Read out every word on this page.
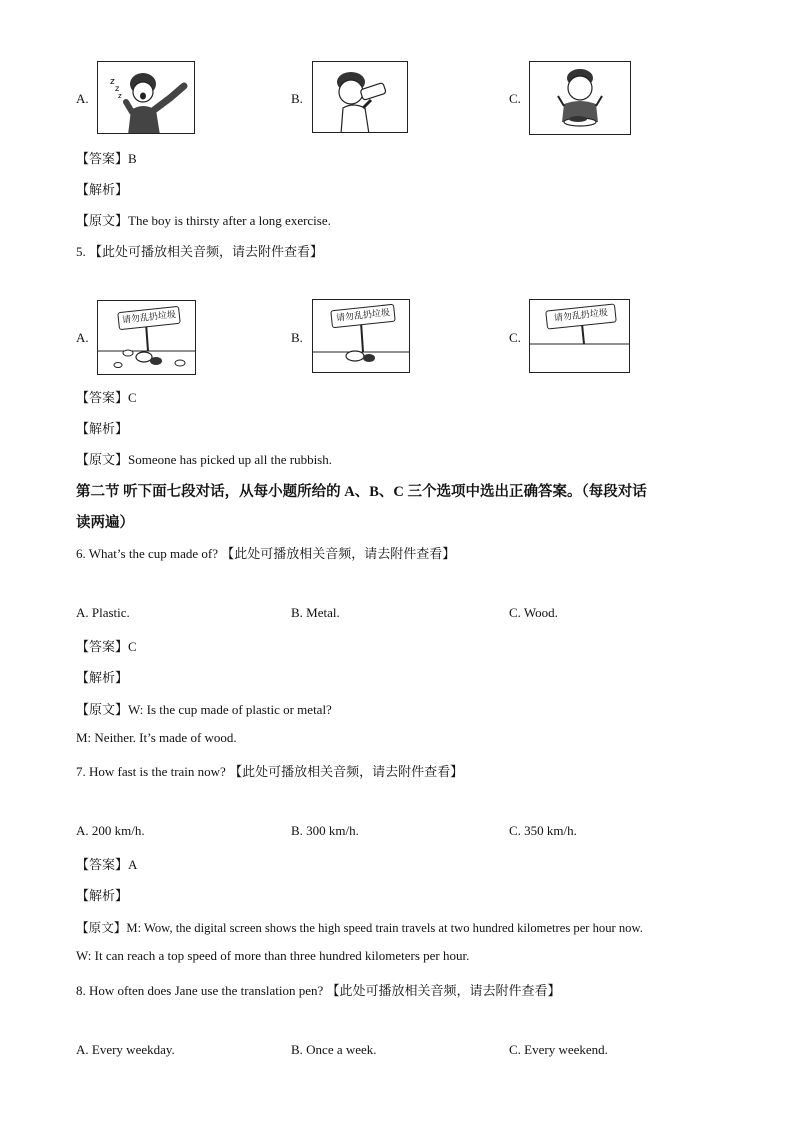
A.
z
z
z	B.	C.
【答案】B
【解析】
【原文】The boy is thirsty after a long exercise.
5. 【此处可播放相关音频，请去附件查看】
A.
请勿乱扔垃圾
B.
请勿乱扔垃圾
C.
请勿乱扔垃圾
【答案】C
【解析】
【原文】Someone has picked up all the rubbish.
第二节 听下面七段对话，从每小题所给的 A、B、C 三个选项中选出正确答案。（每段对话
读两遍）
6. What’s the cup made of? 【此处可播放相关音频，请去附件查看】
A. Plastic.	B. Metal.	C. Wood.
【答案】C
【解析】
【原文】W: Is the cup made of plastic or metal?
M: Neither. It’s made of wood.
7. How fast is the train now? 【此处可播放相关音频，请去附件查看】
A. 200 km/h.	B. 300 km/h.	C. 350 km/h.
【答案】A
【解析】
【原文】M: Wow, the digital screen shows the high speed train travels at two hundred kilometres per hour now.
W: It can reach a top speed of more than three hundred kilometers per hour.
8. How often does Jane use the translation pen? 【此处可播放相关音频，请去附件查看】
A. Every weekday.	B. Once a week.	C. Every weekend.
